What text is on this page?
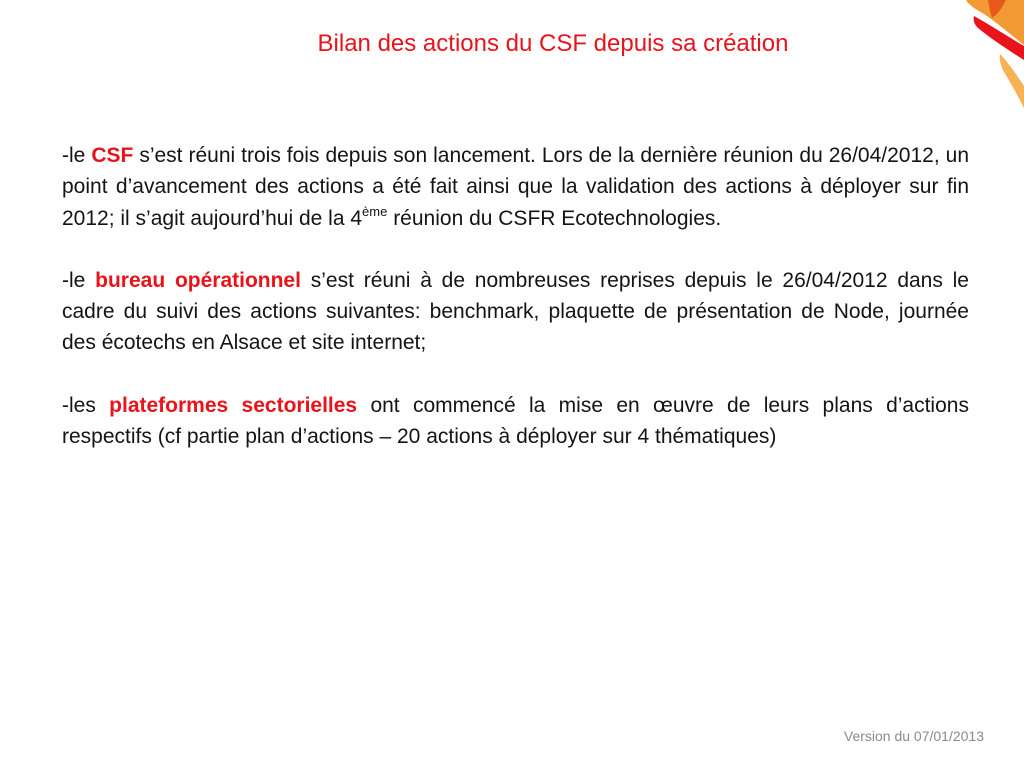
Bilan des actions du CSF depuis sa création

-le CSF s’est réuni trois fois depuis son lancement. Lors de la dernière réunion du 26/04/2012, un point d’avancement des actions a été fait ainsi que la validation des actions à déployer sur fin 2012; il s’agit aujourd’hui de la 4ème réunion du CSFR Ecotechnologies.

-le bureau opérationnel s’est réuni à de nombreuses reprises depuis le 26/04/2012 dans le cadre du suivi des actions suivantes: benchmark, plaquette de présentation de Node, journée des écotechs en Alsace et site internet;

-les plateformes sectorielles ont commencé la mise en œuvre de leurs plans d’actions respectifs (cf partie plan d’actions – 20 actions à déployer sur 4 thématiques)

Version du 07/01/2013
